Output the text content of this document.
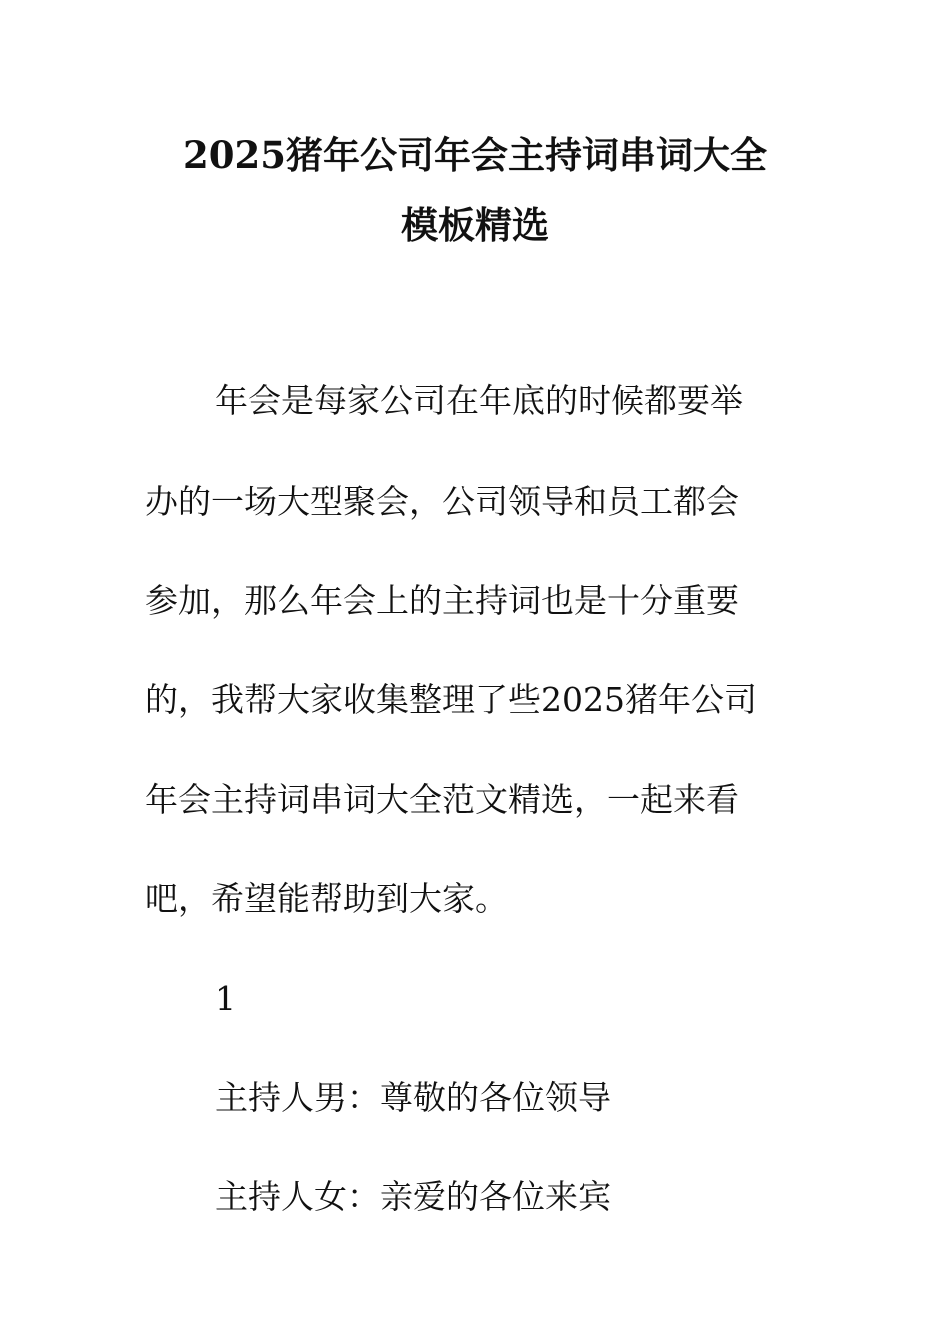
2025猪年公司年会主持词串词大全
模板精选

年会是每家公司在年底的时候都要举

办的一场大型聚会，公司领导和员工都会

参加，那么年会上的主持词也是十分重要

的，我帮大家收集整理了些2025猪年公司

年会主持词串词大全范文精选，一起来看

吧，希望能帮助到大家。

1

主持人男：尊敬的各位领导

主持人女：亲爱的各位来宾
